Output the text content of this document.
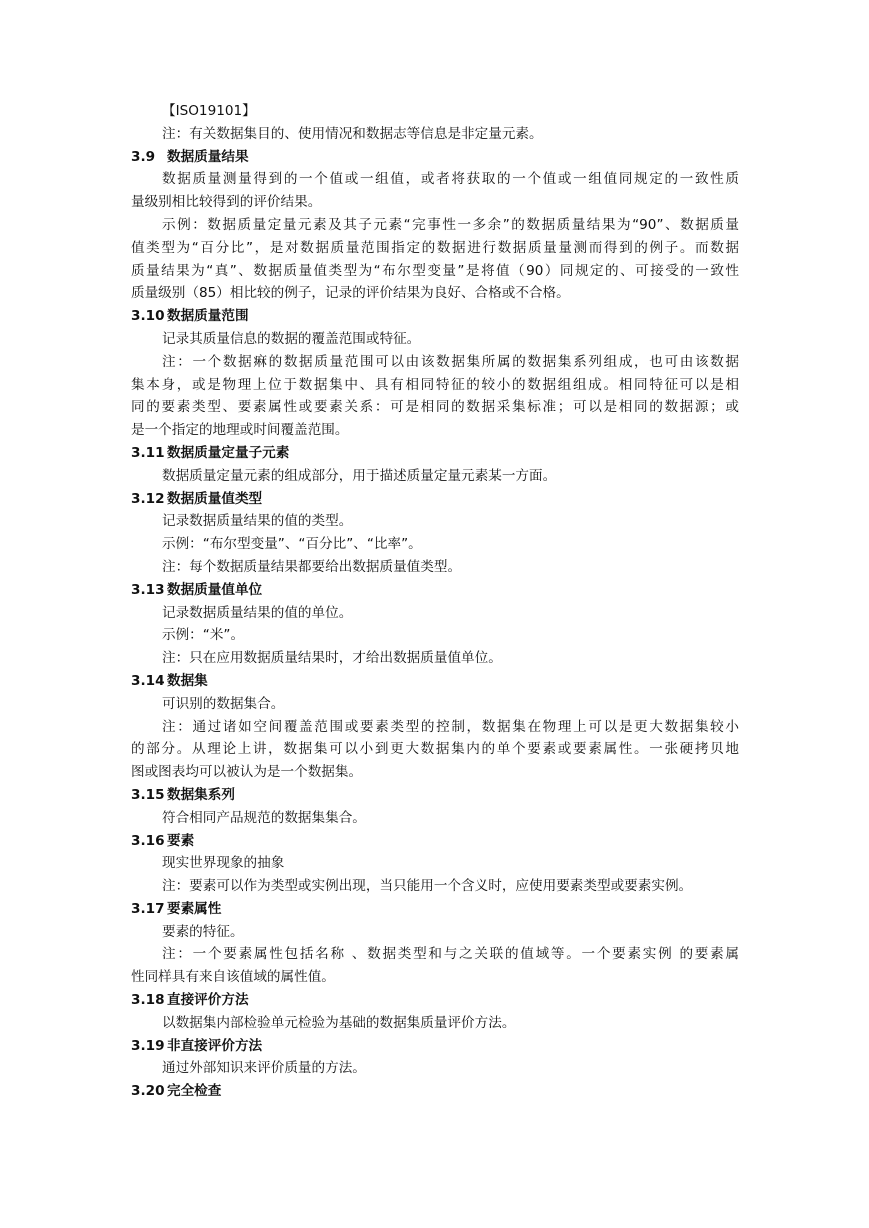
【ISO19101】
注：有关数据集目的、使用情况和数据志等信息是非定量元素。
3.9 数据质量结果
数据质量测量得到的一个值或一组值，或者将获取的一个值或一组值同规定的一致性质
量级别相比较得到的评价结果。
示例：数据质量定量元素及其子元素“完事性一多余”的数据质量结果为“90”、数据质量
值类型为“百分比”，是对数据质量范围指定的数据进行数据质量量测而得到的例子。而数据
质量结果为“真”、数据质量值类型为“布尔型变量”是将值（90）同规定的、可接受的一致性
质量级别（85）相比较的例子，记录的评价结果为良好、合格或不合格。
3.10 数据质量范围
记录其质量信息的数据的覆盖范围或特征。
注：一个数据痳的数据质量范围可以由该数据集所属的数据集系列组成，也可由该数据
集本身，或是物理上位于数据集中、具有相同特征的较小的数据组组成。相同特征可以是相
同的要素类型、要素属性或要素关系：可是相同的数据采集标准；可以是相同的数据源；或
是一个指定的地理或时间覆盖范围。
3.11 数据质量定量子元素
数据质量定量元素的组成部分，用于描述质量定量元素某一方面。
3.12 数据质量值类型
记录数据质量结果的值的类型。
示例：“布尔型变量”、“百分比”、“比率”。
注：每个数据质量结果都要给出数据质量值类型。
3.13 数据质量值单位
记录数据质量结果的值的单位。
示例：“米”。
注：只在应用数据质量结果时，才给出数据质量值单位。
3.14 数据集
可识别的数据集合。
注：通过诸如空间覆盖范围或要素类型的控制，数据集在物理上可以是更大数据集较小
的部分。从理论上讲，数据集可以小到更大数据集内的单个要素或要素属性。一张硬拷贝地
图或图表均可以被认为是一个数据集。
3.15 数据集系列
符合相同产品规范的数据集集合。
3.16 要素
现实世界现象的抽象
注：要素可以作为类型或实例出现，当只能用一个含义时，应使用要素类型或要素实例。
3.17 要素属性
要素的特征。
注：一个要素属性包括名称 、数据类型和与之关联的值域等。一个要素实例 的要素属
性同样具有来自该值域的属性值。
3.18 直接评价方法
以数据集内部检验单元检验为基础的数据集质量评价方法。
3.19 非直接评价方法
通过外部知识来评价质量的方法。
3.20 完全检查
